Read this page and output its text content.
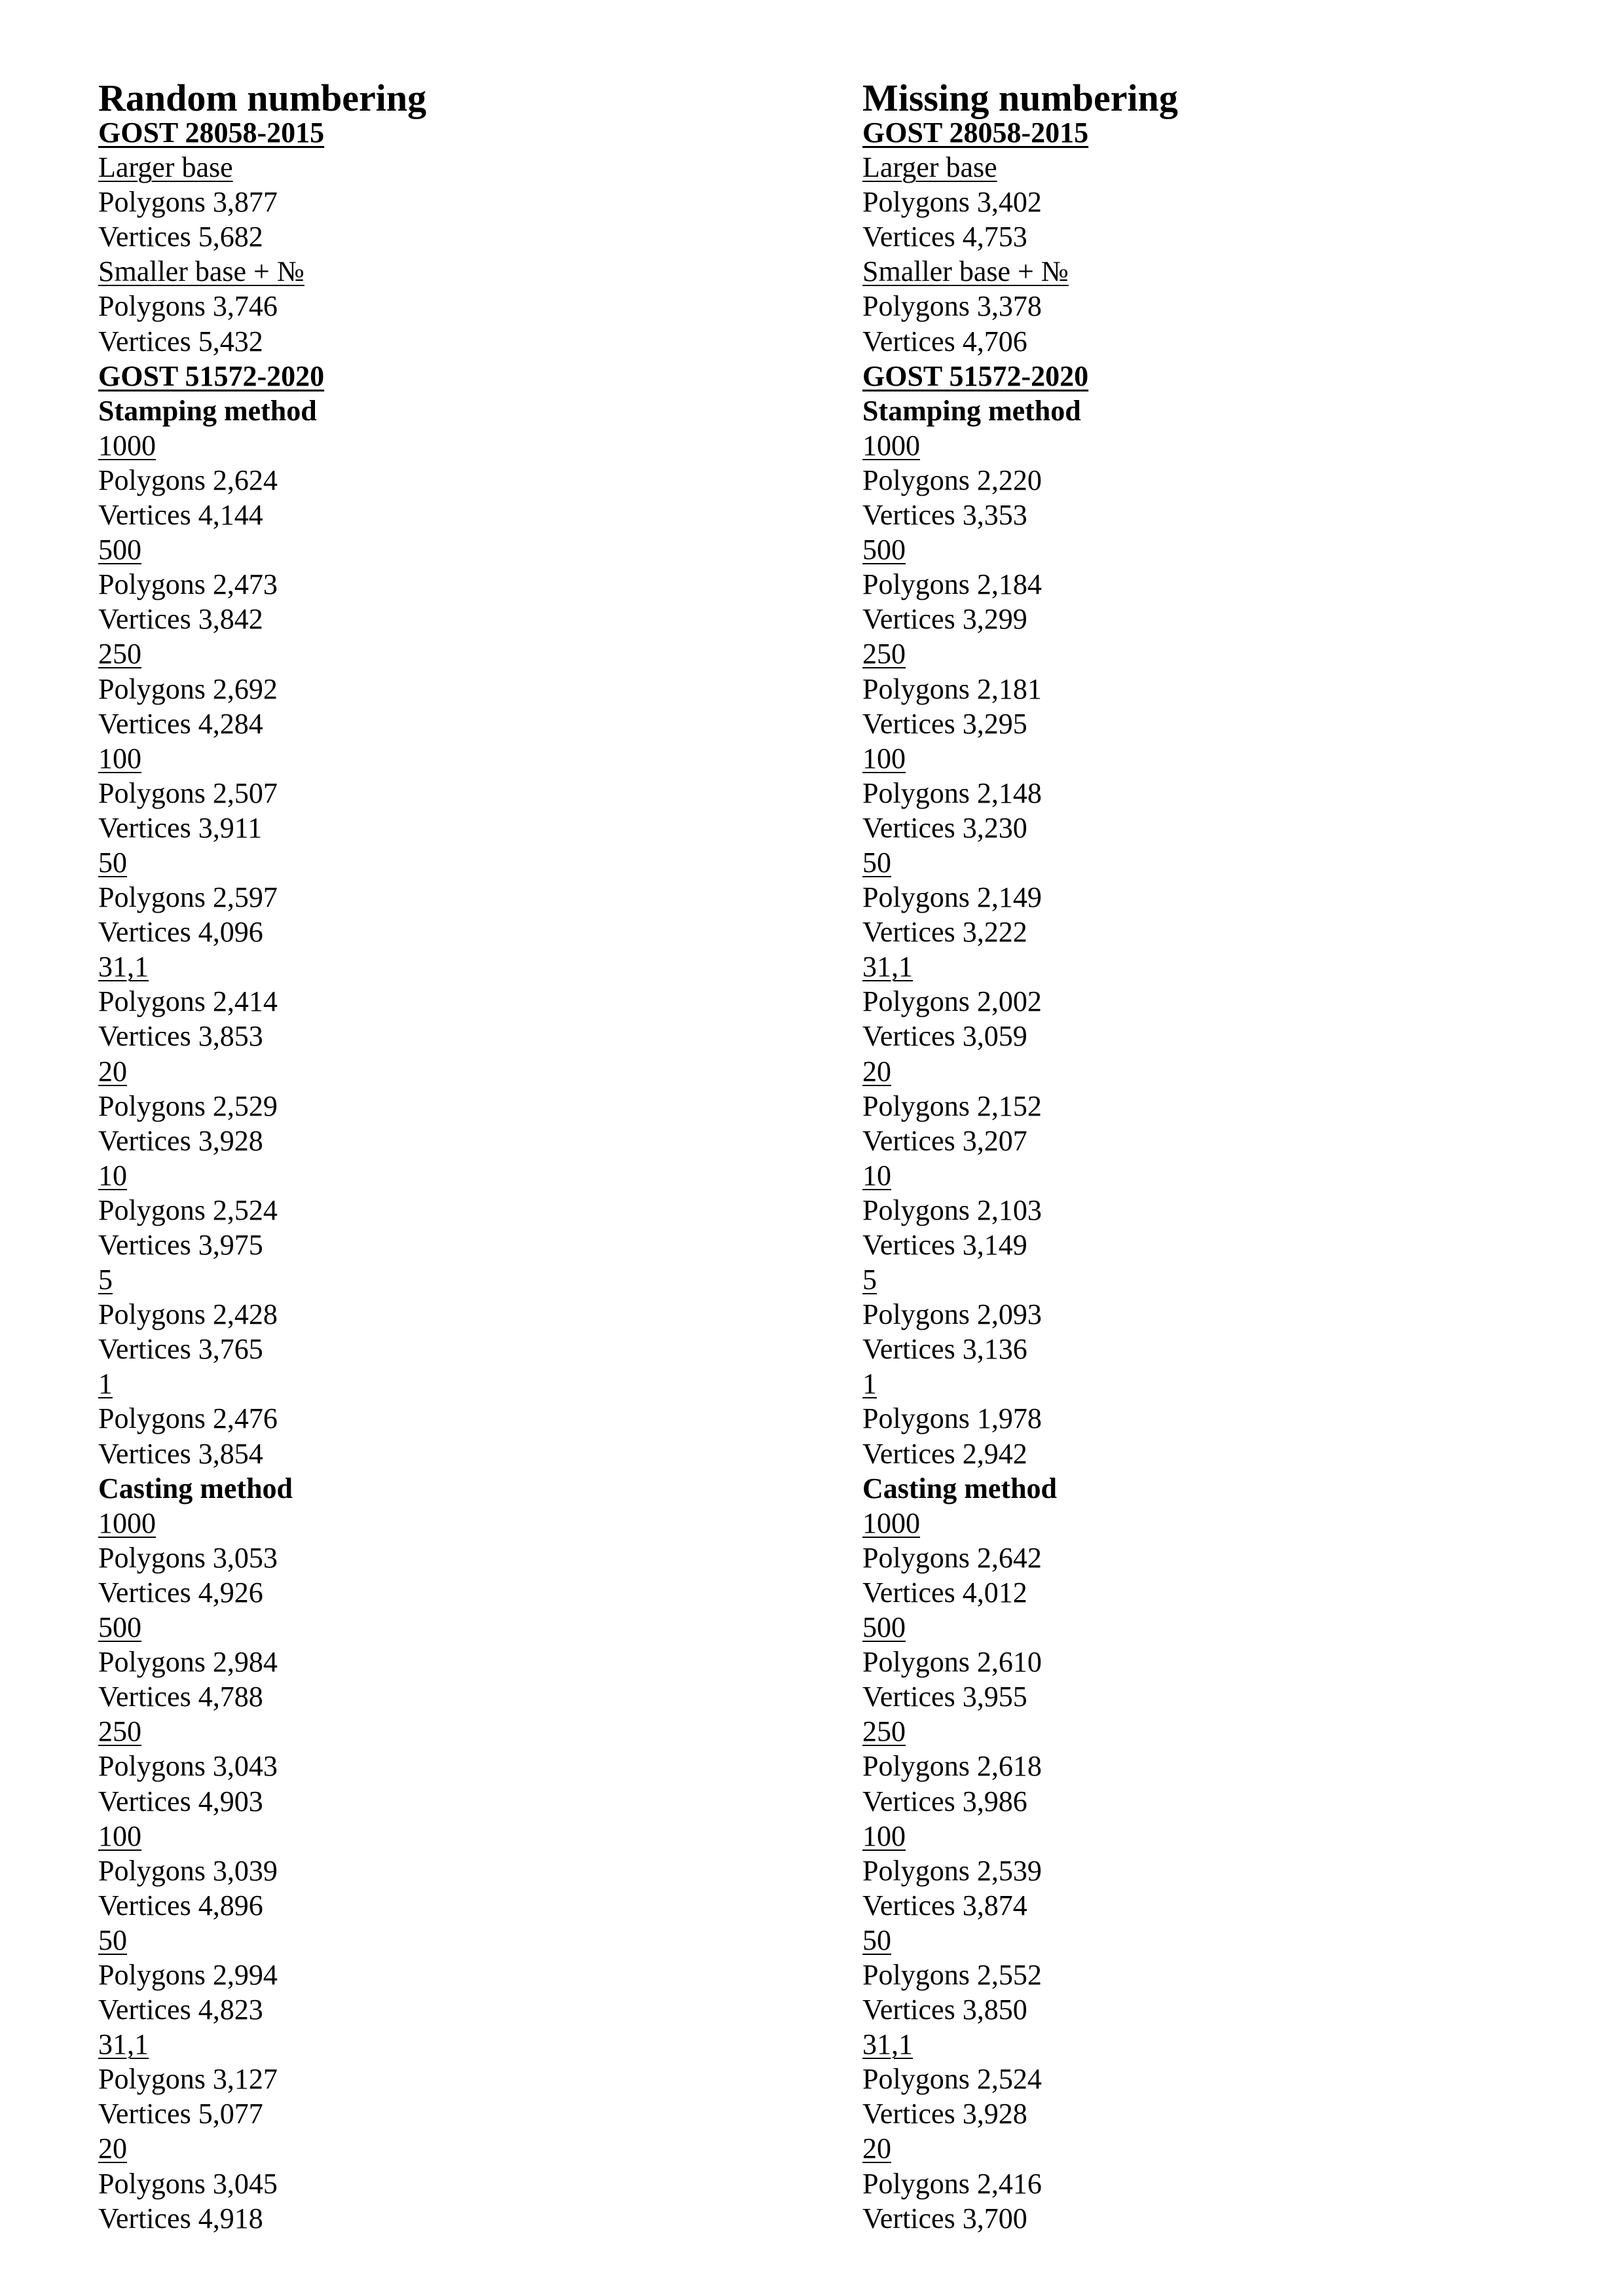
Random numbering
GOST 28058-2015
Larger base
Polygons 3,877
Vertices 5,682
Smaller base + №
Polygons 3,746
Vertices 5,432
GOST 51572-2020
Stamping method
1000
Polygons 2,624
Vertices 4,144
500
Polygons 2,473
Vertices 3,842
250
Polygons 2,692
Vertices 4,284
100
Polygons 2,507
Vertices 3,911
50
Polygons 2,597
Vertices 4,096
31,1
Polygons 2,414
Vertices 3,853
20
Polygons 2,529
Vertices 3,928
10
Polygons 2,524
Vertices 3,975
5
Polygons 2,428
Vertices 3,765
1
Polygons 2,476
Vertices 3,854
Casting method
1000
Polygons 3,053
Vertices 4,926
500
Polygons 2,984
Vertices 4,788
250
Polygons 3,043
Vertices 4,903
100
Polygons 3,039
Vertices 4,896
50
Polygons 2,994
Vertices 4,823
31,1
Polygons 3,127
Vertices 5,077
20
Polygons 3,045
Vertices 4,918
Missing numbering
GOST 28058-2015
Larger base
Polygons 3,402
Vertices 4,753
Smaller base + №
Polygons 3,378
Vertices 4,706
GOST 51572-2020
Stamping method
1000
Polygons 2,220
Vertices 3,353
500
Polygons 2,184
Vertices 3,299
250
Polygons 2,181
Vertices 3,295
100
Polygons 2,148
Vertices 3,230
50
Polygons 2,149
Vertices 3,222
31,1
Polygons 2,002
Vertices 3,059
20
Polygons 2,152
Vertices 3,207
10
Polygons 2,103
Vertices 3,149
5
Polygons 2,093
Vertices 3,136
1
Polygons 1,978
Vertices 2,942
Casting method
1000
Polygons 2,642
Vertices 4,012
500
Polygons 2,610
Vertices 3,955
250
Polygons 2,618
Vertices 3,986
100
Polygons 2,539
Vertices 3,874
50
Polygons 2,552
Vertices 3,850
31,1
Polygons 2,524
Vertices 3,928
20
Polygons 2,416
Vertices 3,700
